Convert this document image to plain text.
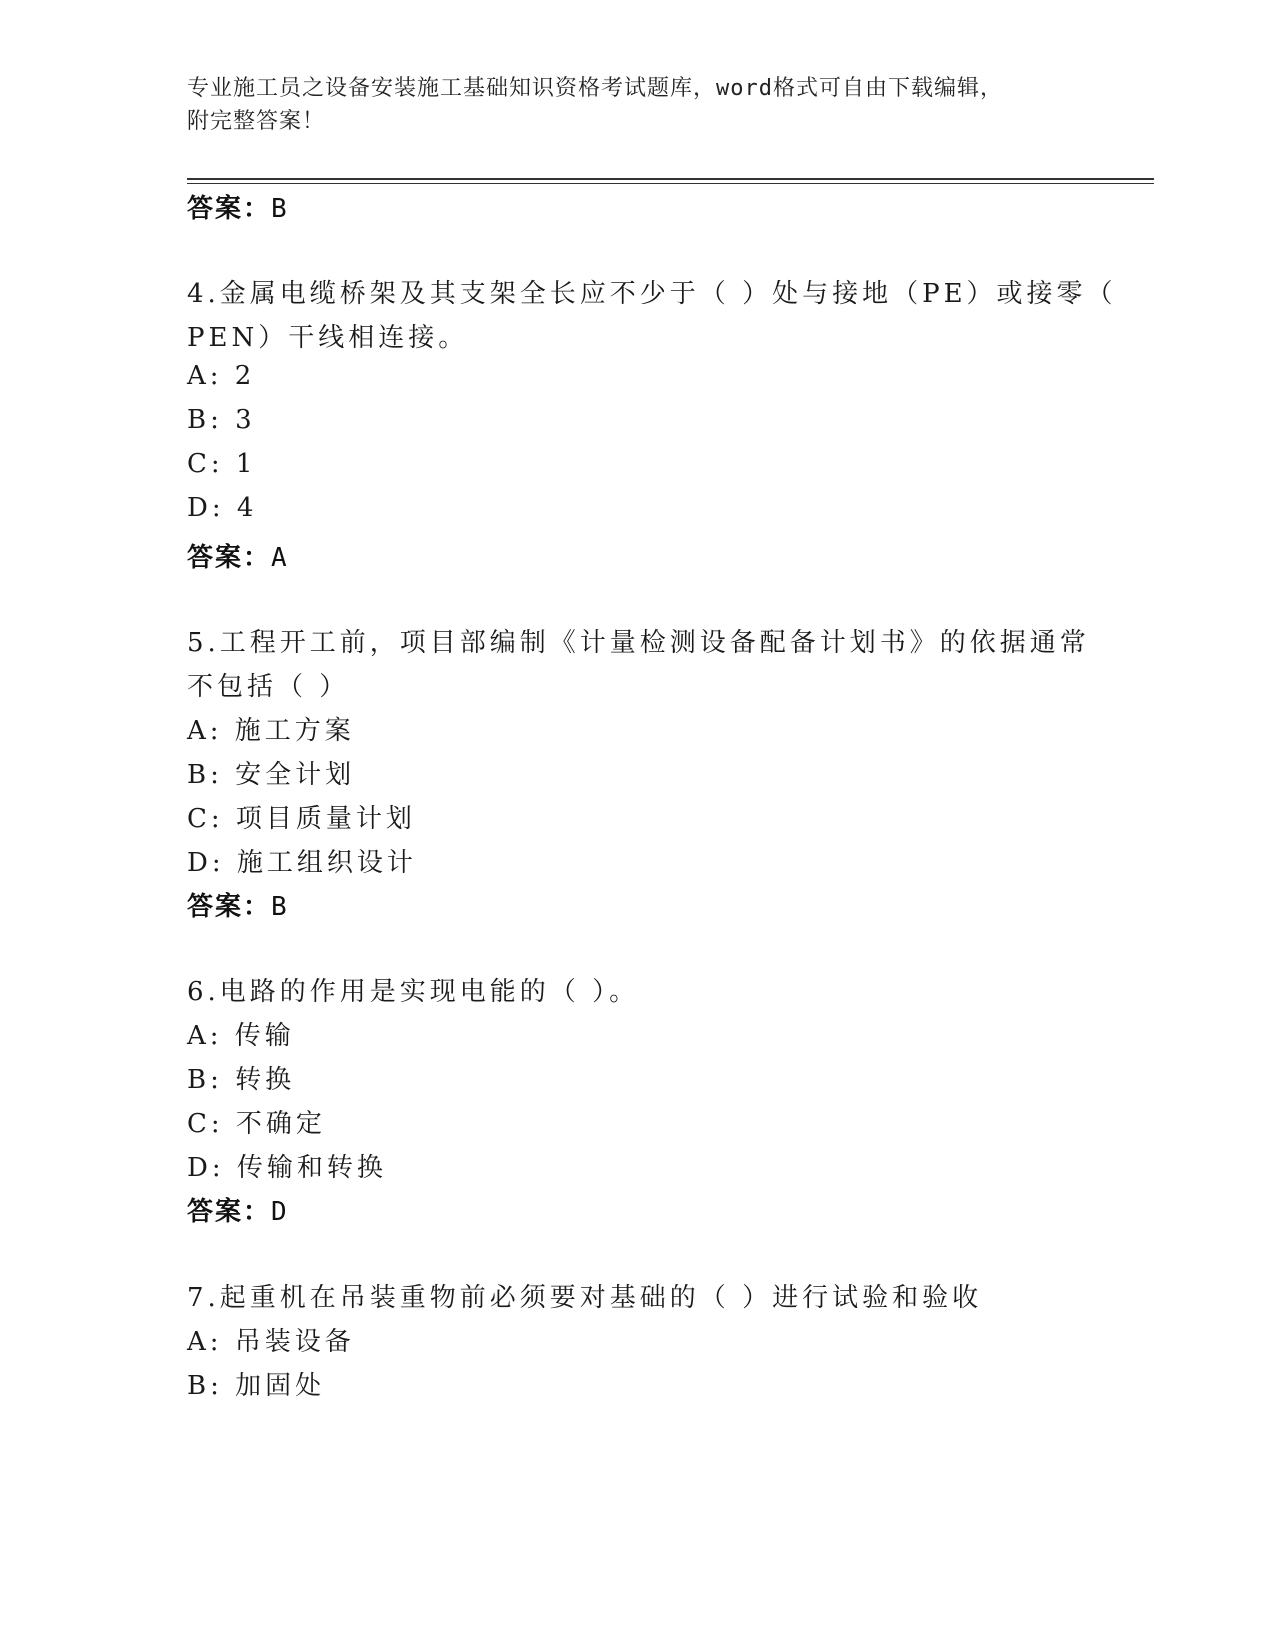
专业施工员之设备安装施工基础知识资格考试题库，word格式可自由下载编辑，
附完整答案！
答案：B
4.金属电缆桥架及其支架全长应不少于（ ）处与接地（PE）或接零（
PEN）干线相连接。
A: 2
B: 3
C: 1
D: 4
答案：A
5.工程开工前，项目部编制《计量检测设备配备计划书》的依据通常
不包括（ ）
A: 施工方案
B: 安全计划
C: 项目质量计划
D: 施工组织设计
答案：B
6.电路的作用是实现电能的（ ）。
A: 传输
B: 转换
C: 不确定
D: 传输和转换
答案：D
7.起重机在吊装重物前必须要对基础的（ ）进行试验和验收
A: 吊装设备
B: 加固处
